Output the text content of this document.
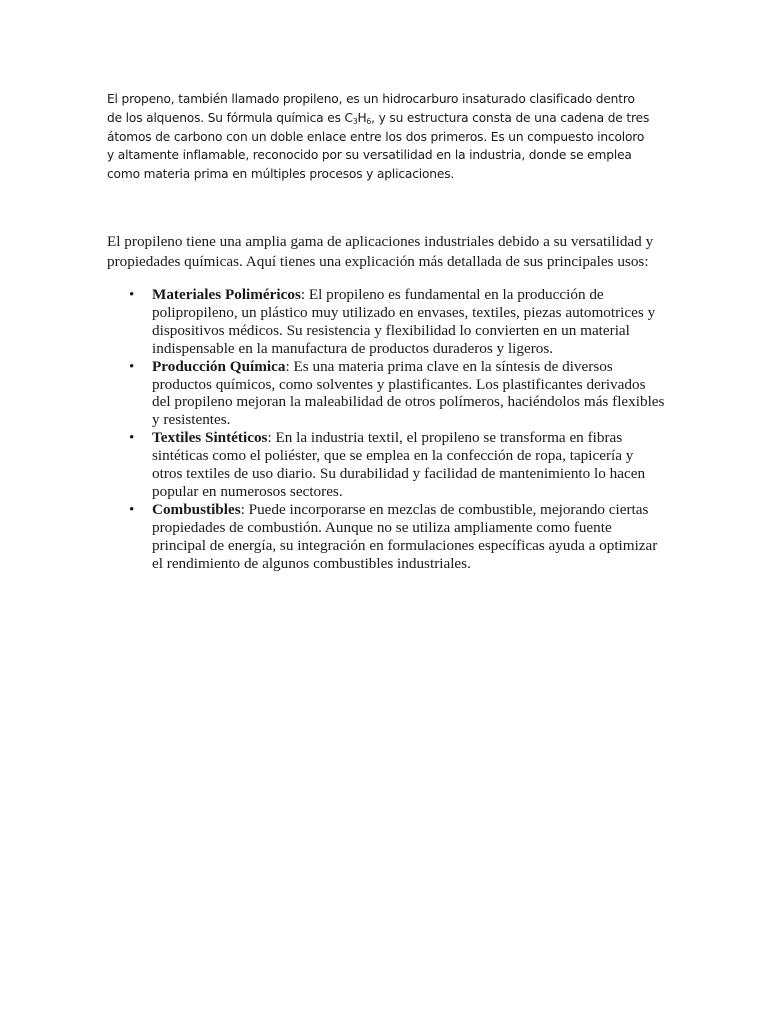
El propeno, también llamado propileno, es un hidrocarburo insaturado clasificado dentro de los alquenos. Su fórmula química es $C_3H_6$, y su estructura consta de una cadena de tres átomos de carbono con un doble enlace entre los dos primeros. Es un compuesto incoloro y altamente inflamable, reconocido por su versatilidad en la industria, donde se emplea como materia prima en múltiples procesos y aplicaciones.

El propileno tiene una amplia gama de aplicaciones industriales debido a su versatilidad y propiedades químicas. Aquí tienes una explicación más detallada de sus principales usos:

• Materiales Poliméricos: El propileno es fundamental en la producción de polipropileno, un plástico muy utilizado en envases, textiles, piezas automotrices y dispositivos médicos. Su resistencia y flexibilidad lo convierten en un material indispensable en la manufactura de productos duraderos y ligeros.
• Producción Química: Es una materia prima clave en la síntesis de diversos productos químicos, como solventes y plastificantes. Los plastificantes derivados del propileno mejoran la maleabilidad de otros polímeros, haciéndolos más flexibles y resistentes.
• Textiles Sintéticos: En la industria textil, el propileno se transforma en fibras sintéticas como el poliéster, que se emplea en la confección de ropa, tapicería y otros textiles de uso diario. Su durabilidad y facilidad de mantenimiento lo hacen popular en numerosos sectores.
• Combustibles: Puede incorporarse en mezclas de combustible, mejorando ciertas propiedades de combustión. Aunque no se utiliza ampliamente como fuente principal de energía, su integración en formulaciones específicas ayuda a optimizar el rendimiento de algunos combustibles industriales.
